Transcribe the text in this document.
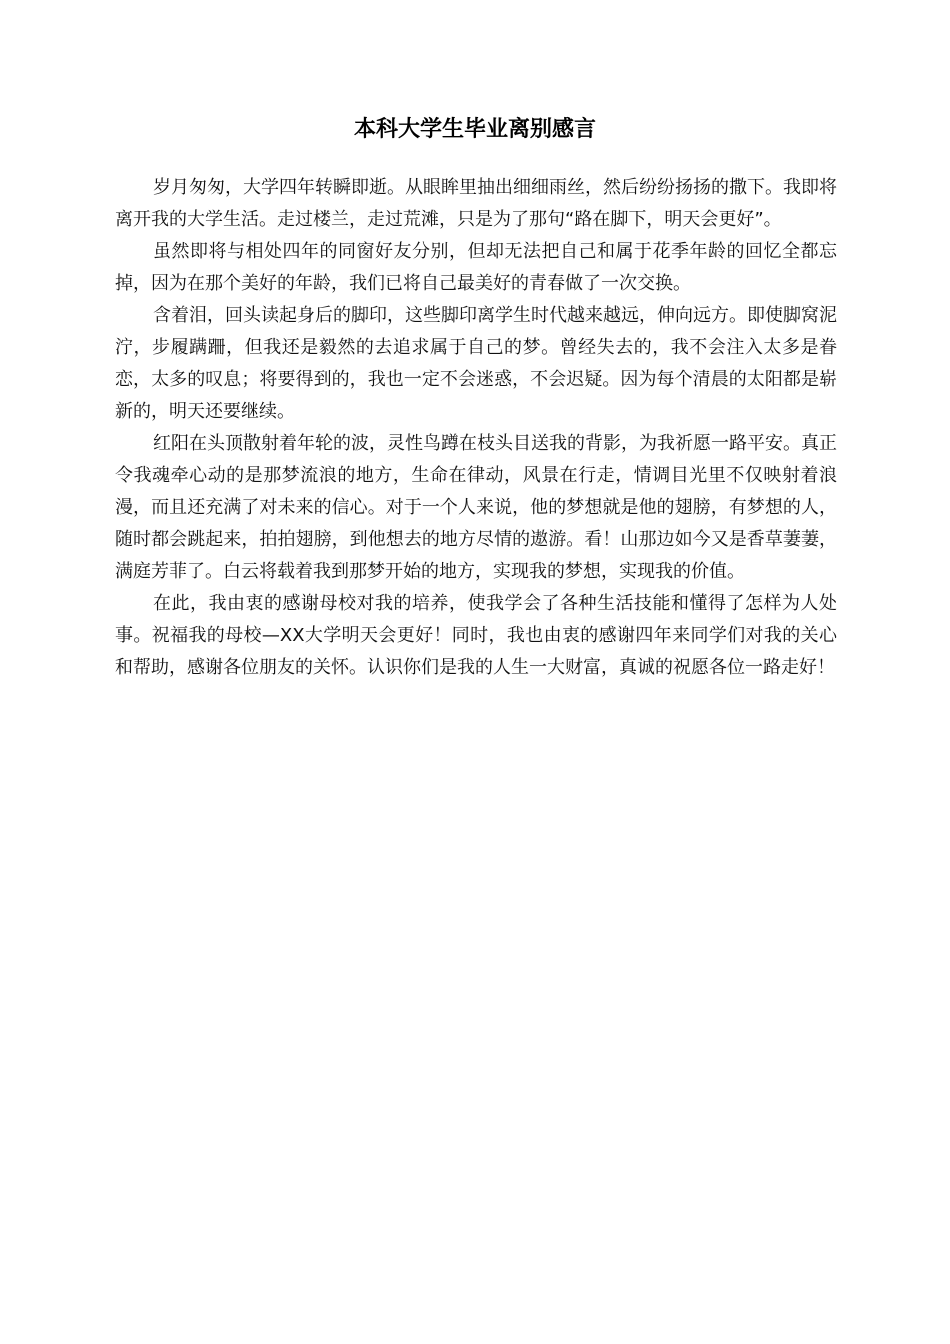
本科大学生毕业离别感言

岁月匆匆，大学四年转瞬即逝。从眼眸里抽出细细雨丝，然后纷纷扬扬的撒下。我即将离开我的大学生活。走过楼兰，走过荒滩，只是为了那句“路在脚下，明天会更好”。

虽然即将与相处四年的同窗好友分别，但却无法把自己和属于花季年龄的回忆全都忘掉，因为在那个美好的年龄，我们已将自己最美好的青春做了一次交换。

含着泪，回头读起身后的脚印，这些脚印离学生时代越来越远，伸向远方。即使脚窝泥泞，步履蹒跚，但我还是毅然的去追求属于自己的梦。曾经失去的，我不会注入太多是眷恋，太多的叹息；将要得到的，我也一定不会迷惑，不会迟疑。因为每个清晨的太阳都是崭新的，明天还要继续。

红阳在头顶散射着年轮的波，灵性鸟蹲在枝头目送我的背影，为我祈愿一路平安。真正令我魂牵心动的是那梦流浪的地方，生命在律动，风景在行走，情调目光里不仅映射着浪漫，而且还充满了对未来的信心。对于一个人来说，他的梦想就是他的翅膀，有梦想的人，随时都会跳起来，拍拍翅膀，到他想去的地方尽情的遨游。看！山那边如今又是香草萋萋，满庭芳菲了。白云将载着我到那梦开始的地方，实现我的梦想，实现我的价值。

在此，我由衷的感谢母校对我的培养，使我学会了各种生活技能和懂得了怎样为人处事。祝福我的母校—XX大学明天会更好！同时，我也由衷的感谢四年来同学们对我的关心和帮助，感谢各位朋友的关怀。认识你们是我的人生一大财富，真诚的祝愿各位一路走好！
